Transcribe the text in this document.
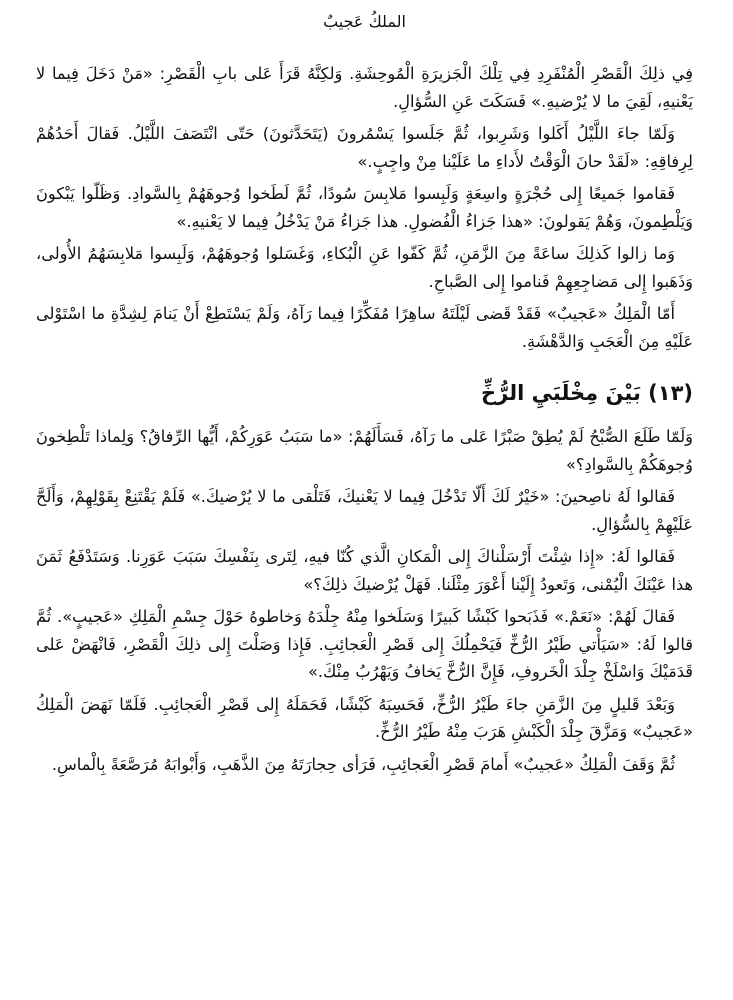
الملكُ عَجيبٌ

فِي ذلِكَ الْقَصْرِ الْمُنْفَرِدِ فِي تِلْكَ الْجَزيرَةِ الْمُوحِشَةِ. وَلكِنَّهُ قَرَأَ عَلى بابِ الْقَصْرِ: «مَنْ دَخَلَ فِيما لا يَعْنيهِ، لَقِيَ ما لا يُرْضيهِ.» فَسَكَتَ عَنِ السُّؤالِ.

وَلَمّا جاءَ اللَّيْلُ أَكَلوا وَشَرِبوا، ثُمَّ جَلَسوا يَسْمُرونَ (يَتَحَدَّثونَ) حَتّى انْتَصَفَ اللَّيْلُ. فَقالَ أَحَدُهُمْ لِرِفاقِهِ: «لَقَدْ حانَ الْوَقْتُ لأَداءِ ما عَلَيْنا مِنْ واجِبٍ.»

فَقاموا جَميعًا إِلى حُجْرَةٍ واسِعَةٍ وَلَبِسوا مَلابِسَ سُودًا، ثُمَّ لَطَخوا وُجوهَهُمْ بِالسَّوادِ. وَظَلّوا يَبْكونَ وَيَلْطِمونَ، وَهُمْ يَقولونَ: «هذا جَزاءُ الْفُضولِ. هذا جَزاءُ مَنْ يَدْخُلُ فِيما لا يَعْنيهِ.»

وَما زالوا كَذلِكَ ساعَةً مِنَ الزَّمَنِ، ثُمَّ كَفّوا عَنِ الْبُكاءِ، وَغَسَلوا وُجوهَهُمْ، وَلَبِسوا مَلابِسَهُمُ الأُولى، وَذَهَبوا إِلى مَضاجِعِهِمْ فَناموا إِلى الصَّباحِ.

أَمّا الْمَلِكُ «عَجيبٌ» فَقَدْ قَضى لَيْلَتَهُ ساهِرًا مُفَكِّرًا فِيما رَآهُ، وَلَمْ يَسْتَطِعْ أَنْ يَنامَ لِشِدَّةِ ما اسْتَوْلى عَلَيْهِ مِنَ الْعَجَبِ وَالدَّهْشَةِ.

(١٣) بَيْنَ مِخْلَبَيِ الرُّخِّ

وَلَمّا طَلَعَ الصُّبْحُ لَمْ يُطِقْ صَبْرًا عَلى ما رَآهُ، فَسَأَلَهُمْ: «ما سَبَبُ عَوَرِكُمْ، أَيُّها الرِّفاقُ؟ وَلِماذا تَلْطِخونَ وُجوهَكُمْ بِالسَّوادِ؟»

فَقالوا لَهُ ناصِحينَ: «خَيْرٌ لَكَ أَلّا تَدْخُلَ فِيما لا يَعْنيكَ، فَتَلْقى ما لا يُرْضيكَ.» فَلَمْ يَقْتَنِعْ بِقَوْلِهِمْ، وَأَلَحَّ عَلَيْهِمْ بِالسُّؤالِ.

فَقالوا لَهُ: «إِذا شِئْتَ أَرْسَلْناكَ إِلى الْمَكانِ الَّذي كُنّا فيهِ، لِتَرى بِنَفْسِكَ سَبَبَ عَوَرِنا. وَسَتَدْفَعُ ثَمَنَ هذا عَيْنَكَ الْيُمْنى، وَتَعودُ إِلَيْنا أَعْوَرَ مِثْلَنا. فَهَلْ يُرْضيكَ ذلِكَ؟»

فَقالَ لَهُمْ: «نَعَمْ.» فَذَبَحوا كَبْشًا كَبيرًا وَسَلَخوا مِنْهُ جِلْدَهُ وَخاطوهُ حَوْلَ جِسْمِ الْمَلِكِ «عَجيبٍ». ثُمَّ قالوا لَهُ: «سَيَأْتي طَيْرُ الرُّخِّ فَيَحْمِلُكَ إِلى قَصْرِ الْعَجائِبِ. فَإِذا وَصَلْتَ إِلى ذلِكَ الْقَصْرِ، فَانْهَضْ عَلى قَدَمَيْكَ وَاسْلَخْ جِلْدَ الْخَروفِ، فَإِنَّ الرُّخَّ يَخافُ وَيَهْرُبُ مِنْكَ.»

وَبَعْدَ قَليلٍ مِنَ الزَّمَنِ جاءَ طَيْرُ الرُّخِّ، فَحَسِبَهُ كَبْشًا، فَحَمَلَهُ إِلى قَصْرِ الْعَجائِبِ. فَلَمّا نَهَضَ الْمَلِكُ «عَجيبٌ» وَمَزَّقَ جِلْدَ الْكَبْشِ هَرَبَ مِنْهُ طَيْرُ الرُّخِّ.

ثُمَّ وَقَفَ الْمَلِكُ «عَجيبٌ» أَمامَ قَصْرِ الْعَجائِبِ، فَرَأى حِجارَتَهُ مِنَ الذَّهَبِ، وَأَبْوابَهُ مُرَصَّعَةً بِالْماسِ.
